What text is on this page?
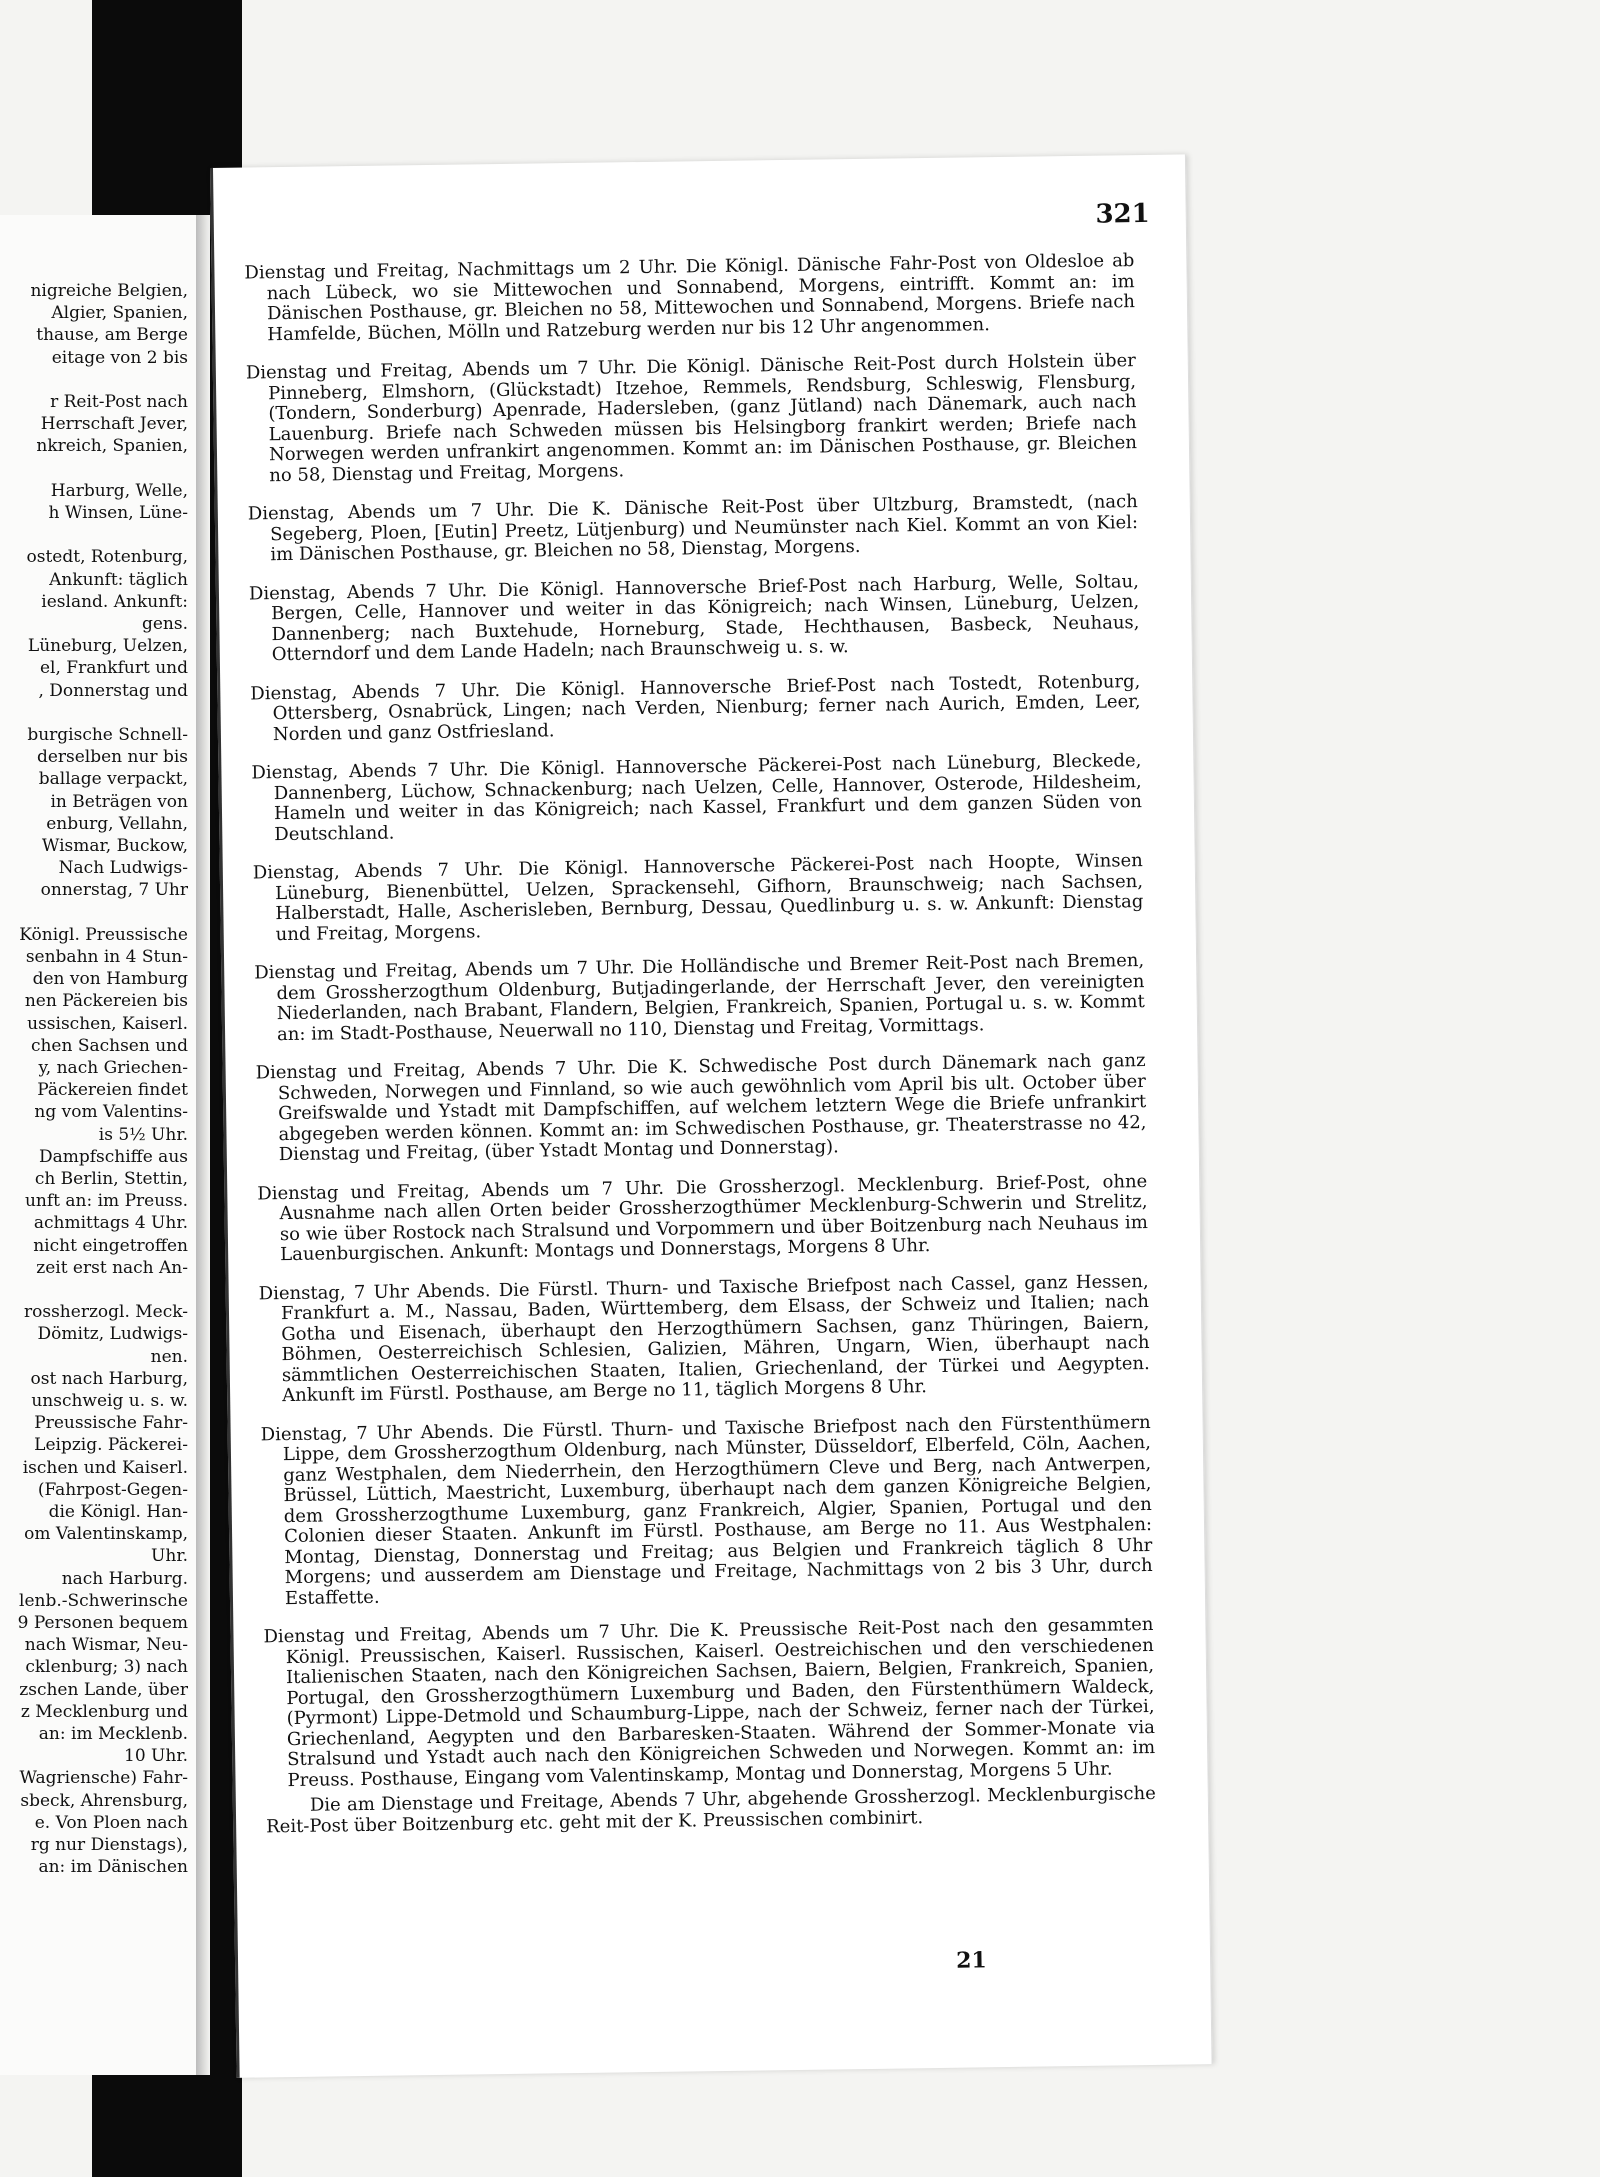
nigreiche Belgien,
Algier, Spanien,
thause, am Berge
eitage von 2 bis
r Reit-Post nach
Herrschaft Jever,
nkreich, Spanien,
Harburg, Welle,
h Winsen, Lüne-
ostedt, Rotenburg,
Ankunft: täglich
iesland. Ankunft:
gens.
Lüneburg, Uelzen,
el, Frankfurt und
, Donnerstag und
burgische Schnell-
derselben nur bis
ballage verpackt,
in Beträgen von
enburg, Vellahn,
Wismar, Buckow,
Nach Ludwigs-
onnerstag, 7 Uhr
Königl. Preussische
senbahn in 4 Stun-
den von Hamburg
nen Päckereien bis
ussischen, Kaiserl.
chen Sachsen und
y, nach Griechen-
Päckereien findet
ng vom Valentins-
is 5½ Uhr.
Dampfschiffe aus
ch Berlin, Stettin,
unft an: im Preuss.
achmittags 4 Uhr.
nicht eingetroffen
zeit erst nach An-
rossherzogl. Meck-
Dömitz, Ludwigs-
nen.
ost nach Harburg,
unschweig u. s. w.
Preussische Fahr-
Leipzig. Päckerei-
ischen und Kaiserl.
(Fahrpost-Gegen-
die Königl. Han-
om Valentinskamp,
Uhr.
nach Harburg.
lenb.-Schwerinsche
9 Personen bequem
nach Wismar, Neu-
cklenburg; 3) nach
zschen Lande, über
z Mecklenburg und
an: im Mecklenb.
10 Uhr.
Wagriensche) Fahr-
sbeck, Ahrensburg,
e. Von Ploen nach
rg nur Dienstags),
an: im Dänischen
321

Dienstag und Freitag, Nachmittags um 2 Uhr. Die Königl. Dänische Fahr-Post von Oldesloe ab nach Lübeck, wo sie Mittewochen und Sonnabend, Morgens, eintrifft. Kommt an: im Dänischen Posthause, gr. Bleichen no 58, Mittewochen und Sonnabend, Morgens. Briefe nach Hamfelde, Büchen, Mölln und Ratzeburg werden nur bis 12 Uhr angenommen.

Dienstag und Freitag, Abends um 7 Uhr. Die Königl. Dänische Reit-Post durch Holstein über Pinneberg, Elmshorn, (Glückstadt) Itzehoe, Remmels, Rendsburg, Schleswig, Flensburg, (Tondern, Sonderburg) Apenrade, Hadersleben, (ganz Jütland) nach Dänemark, auch nach Lauenburg. Briefe nach Schweden müssen bis Helsingborg frankirt werden; Briefe nach Norwegen werden unfrankirt angenommen. Kommt an: im Dänischen Posthause, gr. Bleichen no 58, Dienstag und Freitag, Morgens.

Dienstag, Abends um 7 Uhr. Die K. Dänische Reit-Post über Ultzburg, Bramstedt, (nach Segeberg, Ploen, [Eutin] Preetz, Lütjenburg) und Neumünster nach Kiel. Kommt an von Kiel: im Dänischen Posthause, gr. Bleichen no 58, Dienstag, Morgens.

Dienstag, Abends 7 Uhr. Die Königl. Hannoversche Brief-Post nach Harburg, Welle, Soltau, Bergen, Celle, Hannover und weiter in das Königreich; nach Winsen, Lüneburg, Uelzen, Dannenberg; nach Buxtehude, Horneburg, Stade, Hechthausen, Basbeck, Neuhaus, Otterndorf und dem Lande Hadeln; nach Braunschweig u. s. w.

Dienstag, Abends 7 Uhr. Die Königl. Hannoversche Brief-Post nach Tostedt, Rotenburg, Ottersberg, Osnabrück, Lingen; nach Verden, Nienburg; ferner nach Aurich, Emden, Leer, Norden und ganz Ostfriesland.

Dienstag, Abends 7 Uhr. Die Königl. Hannoversche Päckerei-Post nach Lüneburg, Bleckede, Dannenberg, Lüchow, Schnackenburg; nach Uelzen, Celle, Hannover, Osterode, Hildesheim, Hameln und weiter in das Königreich; nach Kassel, Frankfurt und dem ganzen Süden von Deutschland.

Dienstag, Abends 7 Uhr. Die Königl. Hannoversche Päckerei-Post nach Hoopte, Winsen Lüneburg, Bienenbüttel, Uelzen, Sprackensehl, Gifhorn, Braunschweig; nach Sachsen, Halberstadt, Halle, Ascherisleben, Bernburg, Dessau, Quedlinburg u. s. w. Ankunft: Dienstag und Freitag, Morgens.

Dienstag und Freitag, Abends um 7 Uhr. Die Holländische und Bremer Reit-Post nach Bremen, dem Grossherzogthum Oldenburg, Butjadingerlande, der Herrschaft Jever, den vereinigten Niederlanden, nach Brabant, Flandern, Belgien, Frankreich, Spanien, Portugal u. s. w. Kommt an: im Stadt-Posthause, Neuerwall no 110, Dienstag und Freitag, Vormittags.

Dienstag und Freitag, Abends 7 Uhr. Die K. Schwedische Post durch Dänemark nach ganz Schweden, Norwegen und Finnland, so wie auch gewöhnlich vom April bis ult. October über Greifswalde und Ystadt mit Dampfschiffen, auf welchem letztern Wege die Briefe unfrankirt abgegeben werden können. Kommt an: im Schwedischen Posthause, gr. Theaterstrasse no 42, Dienstag und Freitag, (über Ystadt Montag und Donnerstag).

Dienstag und Freitag, Abends um 7 Uhr. Die Grossherzogl. Mecklenburg. Brief-Post, ohne Ausnahme nach allen Orten beider Grossherzogthümer Mecklenburg-Schwerin und Strelitz, so wie über Rostock nach Stralsund und Vorpommern und über Boitzenburg nach Neuhaus im Lauenburgischen. Ankunft: Montags und Donnerstags, Morgens 8 Uhr.

Dienstag, 7 Uhr Abends. Die Fürstl. Thurn- und Taxische Briefpost nach Cassel, ganz Hessen, Frankfurt a. M., Nassau, Baden, Württemberg, dem Elsass, der Schweiz und Italien; nach Gotha und Eisenach, überhaupt den Herzogthümern Sachsen, ganz Thüringen, Baiern, Böhmen, Oesterreichisch Schlesien, Galizien, Mähren, Ungarn, Wien, überhaupt nach sämmtlichen Oesterreichischen Staaten, Italien, Griechenland, der Türkei und Aegypten. Ankunft im Fürstl. Posthause, am Berge no 11, täglich Morgens 8 Uhr.

Dienstag, 7 Uhr Abends. Die Fürstl. Thurn- und Taxische Briefpost nach den Fürstenthümern Lippe, dem Grossherzogthum Oldenburg, nach Münster, Düsseldorf, Elberfeld, Cöln, Aachen, ganz Westphalen, dem Niederrhein, den Herzogthümern Cleve und Berg, nach Antwerpen, Brüssel, Lüttich, Maestricht, Luxemburg, überhaupt nach dem ganzen Königreiche Belgien, dem Grossherzogthume Luxemburg, ganz Frankreich, Algier, Spanien, Portugal und den Colonien dieser Staaten. Ankunft im Fürstl. Posthause, am Berge no 11. Aus Westphalen: Montag, Dienstag, Donnerstag und Freitag; aus Belgien und Frankreich täglich 8 Uhr Morgens; und ausserdem am Dienstage und Freitage, Nachmittags von 2 bis 3 Uhr, durch Estaffette.

Dienstag und Freitag, Abends um 7 Uhr. Die K. Preussische Reit-Post nach den gesammten Königl. Preussischen, Kaiserl. Russischen, Kaiserl. Oestreichischen und den verschiedenen Italienischen Staaten, nach den Königreichen Sachsen, Baiern, Belgien, Frankreich, Spanien, Portugal, den Grossherzogthümern Luxemburg und Baden, den Fürstenthümern Waldeck, (Pyrmont) Lippe-Detmold und Schaumburg-Lippe, nach der Schweiz, ferner nach der Türkei, Griechenland, Aegypten und den Barbaresken-Staaten. Während der Sommer-Monate via Stralsund und Ystadt auch nach den Königreichen Schweden und Norwegen. Kommt an: im Preuss. Posthause, Eingang vom Valentinskamp, Montag und Donnerstag, Morgens 5 Uhr.

Die am Dienstage und Freitage, Abends 7 Uhr, abgehende Grossherzogl. Mecklenburgische Reit-Post über Boitzenburg etc. geht mit der K. Preussischen combinirt.

21
